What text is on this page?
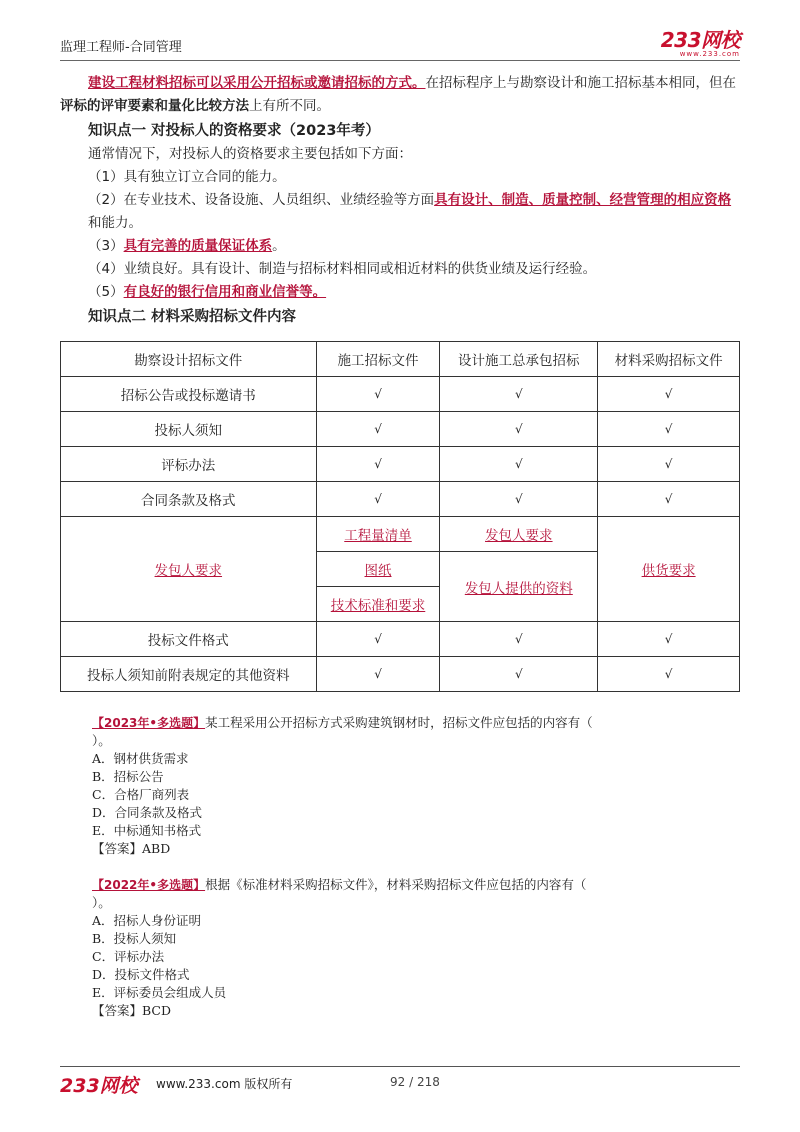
监理工程师-合同管理	233网校
www.233.com

建设工程材料招标可以采用公开招标或邀请招标的方式。在招标程序上与勘察设计和施工招标基本相同，但在评标的评审要素和量化比较方法上有所不同。

知识点一 对投标人的资格要求（2023年考）

通常情况下，对投标人的资格要求主要包括如下方面：

（1）具有独立订立合同的能力。
（2）在专业技术、设备设施、人员组织、业绩经验等方面具有设计、制造、质量控制、经营管理的相应资格和能力。
（3）具有完善的质量保证体系。
（4）业绩良好。具有设计、制造与招标材料相同或相近材料的供货业绩及运行经验。
（5）有良好的银行信用和商业信誉等。
知识点二 材料采购招标文件内容
勘察设计招标文件	施工招标文件	设计施工总承包招标	材料采购招标文件
招标公告或投标邀请书	√	√	√
投标人须知	√	√	√
评标办法	√	√	√
合同条款及格式	√	√	√
发包人要求	工程量清单	发包人要求	供货要求
	图纸	发包人提供的资料	
	技术标准和要求		
投标文件格式	√	√	√
投标人须知前附表规定的其他资料	√	√	√
【2023年•多选题】某工程采用公开招标方式采购建筑钢材时，招标文件应包括的内容有（
）。
A．钢材供货需求
B．招标公告
C．合格厂商列表
D．合同条款及格式
E．中标通知书格式
【答案】ABD
【2022年•多选题】根据《标准材料采购招标文件》，材料采购招标文件应包括的内容有（
）。
A．招标人身份证明
B．投标人须知
C．评标办法
D．投标文件格式
E．评标委员会组成人员
【答案】BCD
233网校 www.233.com 版权所有	92 / 218
